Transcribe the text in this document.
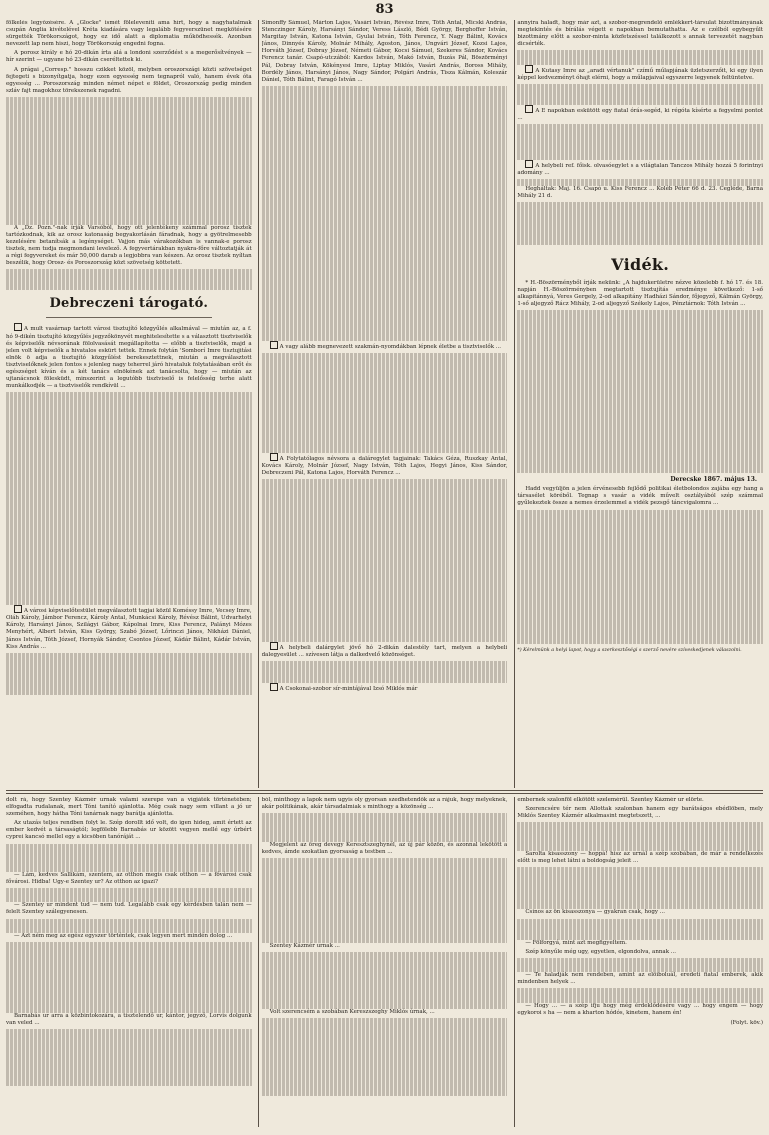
83

fölkelés legyőzésére. A „Glocke" ismét föleleveníti ama hírt, hogy a nagyhatalmak csupán Anglia kivételével Kréta kiadására vagy legalább fegyverszünet megkötésére sürgették Törökországot, hogy ez idő alatt a diplomatia működhessék. Azonban nevezett lap nem hiszi, hogy Törökország engedni fogna.

A porosz király e hó 20-dikán írta alá a londoni szerződést s a megerősítvények — hír szerint — ugyane hó 23-dikán cseréltettek ki.

A prágai „Corresp." hosszu czikket közöl, melyben oroszországi közti szövetséget fejtegeti s bizonyítgatja, hogy ezen egyesség nem tegnapról való, hanem évek óta egyesség ... Poroszország minden német népet e földet, Oroszország pedig minden szláv fajt magokhoz törekszenek ragadni.

A „Dz. Pozn."-nak írják Varsóból, hogy ott jelentékeny számmal porosz tisztek tartózkodnak, kik az orosz katonaság begyakorlásán fáradnak, hogy a gyötrelmesebb kezelésére betanítsák a legénységet. Vajjon más várakozókban is vannak-e porosz tisztek, nem tudja megmondani levelező. A fegyvertárakban nyakra-főre változtatják át a régi fegyvereket és már 50,000 darab a legjobbra van készen. Az orosz tisztek nyíltan beszélik, hogy Orosz- és Poroszország közt szövetség köttetett.

Debreczeni tárogató.

A mult vasárnap tartott városi tisztujító közgyűlés alkalmával — miután az, a f. hó 9-dikén tisztujító közgyűlés jegyzőkönyvét meghitelesítette s a választott tisztviselők és képviselők névsorának fölolvasását megállapította — előbb a tisztviselők, majd a jelen volt képviselők a hivatalos eskürt tettek. Ennek folytán 'Somborí Imre tisztujitási elnök ö adja a tisztujító közgyűlést berekesztettnek, miután a megválasztott tisztviselőknek jelen fontos s jelenleg nagy teherrel járó hivataluk folytatásában erőt és egészséget kíván és a két tanács elnökének azt tanácsolta, hogy — miután az ujtanácsnok fölesküdt, minszerint a legutóbb tisztviselő is felelősség terhe alatt munkálkodjék — a tisztviselők rendkívül ...

A városi képviselőtestület megválasztott tagjai közül Koméssy Imre, Vecsey Imre, Oláh Károly, Jámbor Ferencz, Károly Antal, Munkácsi Károly, Révész Bálint, Udvarhelyi Károly, Harsányi János, Szilágyi Gábor, Kápolnai Imre, Kiss Ferencz, Palányi Mózes Menyhért, Albert István, Kiss György, Szabó József, Lőrinczi János, Nikházi Dániel, János István, Tóth József, Hornyák Sándor, Csontos József, Kádár Bálint, Kádár István, Kiss András ...

Simonffy Sámuel, Márton Lajos, Vasári István, Révész Imre, Tóth Antal, Micski András, Stenczinger Károly, Harsányi Sándor, Veress László, Bédi György, Berghoffer István, Margitay István, Katona István, Gyulai István, Tóth Ferencz, Y. Nagy Bálint, Kovács János, Dinnyés Károly, Molnár Mihály, Agoston, János, Ungvári József, Kozsi Lajos, Horváth József, Dobray József, Németi Gábor, Kocsi Sámuel, Szekeres Sándor, Kovács Ferencz tanár. Csapó-utczából: Kardos István, Makó István, Buzás Pál, Böszörményi Pál, Dobray István, Kökényesi Imre, Liptay Miklós, Vasári András, Boross Mihály, Bordély János, Harsányi János, Nagy Sándor, Polgári András, Tisza Kálmán, Koleszár Dániel, Tóth Bálint, Faragó István ...

A vagy alább megnevezett szakmán-nyomdákban lépnek életbe a tisztviselők ...

A Folytatólagos névsora a daláregylet tagjainak: Takács Géza, Ruszkay Antal, Kovács Károly, Molnár József, Nagy István, Tóth Lajos, Hegyi János, Kiss Sándor, Debreczeni Pál, Katona Lajos, Horváth Ferencz ...

A helybeli dalárgylet jövő hó 2-dikán dalestély tart, melyen a helybeli dalegyesület ... szívesen látja a dalkedvelő közönséget.

A Csokonai-szobor sír-mintájával Izsó Miklós már

annyira haladt, hogy már azt, a szobor-megrendelő emlékkert-társulat bizottmányának megtekintés és bírálás végett e napokban bemutathatta. Az e czélból egybegyűlt bizottmány előtt a szobor-minta közfetszéssel találkozott s annak tervezetét nagyban dicsérték.

A Kutasy Imre az „aradi vértanuk" czímű műlapjának üzletszerzőit, ki egy ilyen képpel kedvezményt óhajt elérni, hogy a műlapjaival egyszerre legyenek feltüntetve.

A E napokban eskütött egy fiatal órás-segéd, ki régóta kísérte a fegyelmi pontot ...

A helybeli ref. főisk. olvasóegylet s a világtalan Tanczos Mihály hozzá 5 forintnyi adomány ...

Hegháltak: Maj. 16. Csapó u. Kiss Ferencz ... Koléb Péter 66 d. 23. Cegléde, Barna Mihály 21 d.

Vidék.

* H.-Böszörményből írják nekünk: „A hajdukerületre nézve közelebb f. hó 17. és 18. napján H.-Böszörményben megtartott tisztujítás eredménye következő: 1-ső alkapitánnyá, Veres Gergely, 2-od alkapitány Hadházi Sándor, főjegyző, Kálmán György, 1-ső aljegyző Rácz Mihály, 2-od aljegyző Székely Lajos, Pénztárnok: Tóth István ...

Derecske 1867. május 13.

Hadd vegyüljön a jelen érvénesebb fejlődő politikai életbolondos zajába egy hang a társasélet köréből. Tegnap s vasár a vidék művelt osztályából szép számmal gyűlekeztek össze a nemes érzelemmel a vidék pezsgő táncvigalomra ...

*) Kérelmünk a helyi lapot, hogy a szerkesztőségi s szerző nevére szíveskedjenek válaszolni.

dolt rá, hogy Szentey Kázmér urnak valami szerepe van a vígjáték történetében; elfogadta rudalanak, mert Tóni tanító ajánlotta. Még csak nagy sem villant a jó ur szeméhen, hogy hátha Tóni tanárnak nagy barátja ajánlotta.

Az utazás teljes rendben folyt le. Szép dorollt idő volt, do igen hideg, amit értett az ember kedvét a társaságtól; legfölebb Barnabás ur között vegyen mellé egy úrbért cyprei kancsó mellel egy a kicsöben tanóráját ...

— Lám, kedves Sallikám, szentem, az otthon megis csak otthon — a fővárosi csak fővárosi. Hidba! Ugy-e Szentey ur? Az otthon az igazi?

— Szentey ur mindent tud — nem tud. Legalább csak egy kérdésben talán nem — felelt Szentey szálegyenesen.

— Azt ném meg az egész egyszer történtek, csak legyen mert mindén dolog ...

Barnabás ur arra a közbintokozára, a tisztelendő ur, kántor, jegyző, Lorvis dolgunk van veled ...

ból, minthogy a lapok nem ugyis oly gyorsan szedhetendők az a rájuk, hogy melyeknek, akár politikának, akár társadalmiak s minthogy a közönség ...

Megjelent az öreg devegy Keresztszeghynél, az új pár közön, és azonnal lekötött a kedves, ámde szokatlan gyorsaság a testben ...

Szentey Kázmér urnak ...

Volt szerencsém a szobában Kereszszeghy Miklós úrnak, ...

embernek szalonföl elkötött szelemérül. Szentey Kázmér ur elörte.

Szerencsére tér nem Allottak szalonban hanem egy barátságos ebédlöben, mely Miklós Szentey Kázmér alkalmasint megtetszett, ...

Sarolta kisasszony — hoppá! hisz az urnál a szép szobában, de már a rendelkezés előtt is meg lehet látni a boldogság jeleit ...

Csinos az ön kisasszonya — gyakran csak, hogy ...

— Fölforgyá, mint azt megfigyeltem.

Szép könyűle még ugy, egyetlen, elgondolva, annak ...

— Te haladják nem rendeben, amint az elöiboluál, eredeti fiatal emberek, akik mindenben helyek ...

— Hogy ... — a szép ifju hogy még érdeklődésére vagy ... hogy engem — hogy egykoroi s ha — nem a kharton hódós, kinetem, hanem én!

(Folyt. köv.)
